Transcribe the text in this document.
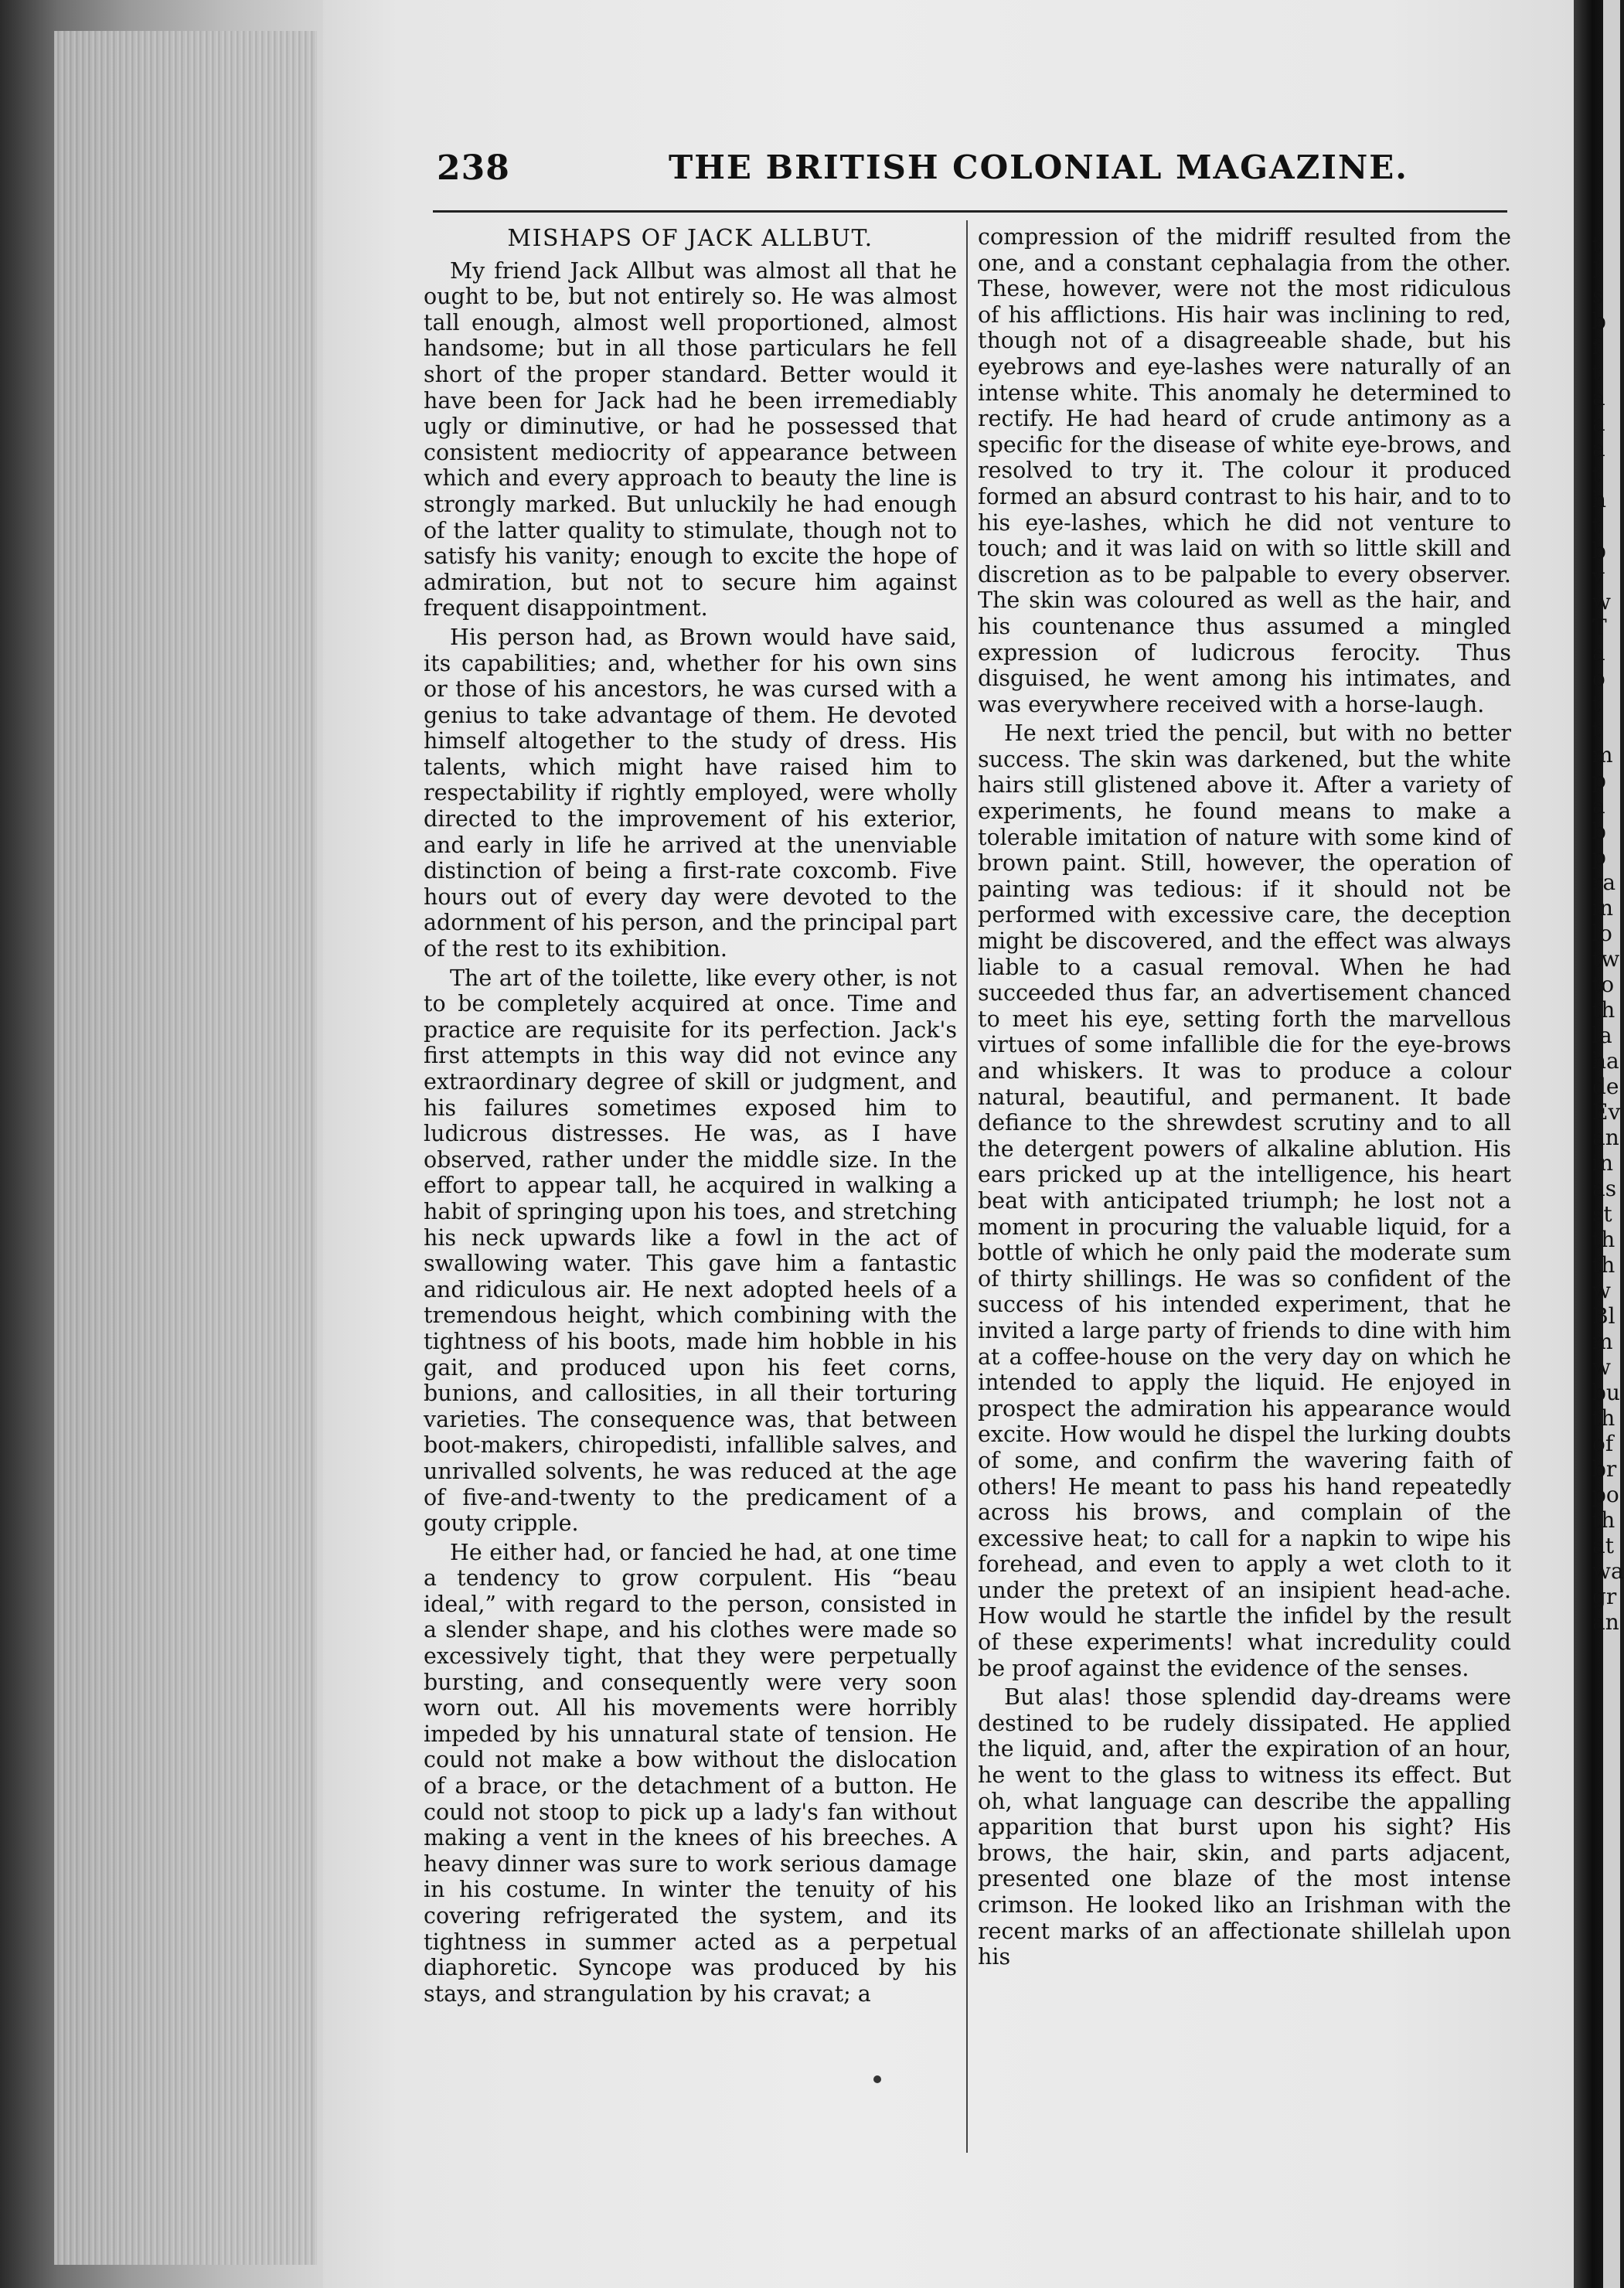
t
I
s
b
f
t
a
a
a
t
h
t
b
v
w
T
a
o
t
t
m
p
a
b
p
ra
in
lo
tw
to
th
la
ha
de
Ev
an
in
as
st
th
th
w
Bl
m
w
bu
th
of
br
po
th
at
wa
gr
an
238	THE BRITISH COLONIAL MAGAZINE.
MISHAPS OF JACK ALLBUT.

My friend Jack Allbut was almost all that he ought to be, but not entirely so. He was almost tall enough, almost well proportioned, almost handsome; but in all those particulars he fell short of the proper standard. Better would it have been for Jack had he been irremediably ugly or diminutive, or had he possessed that consistent mediocrity of appearance between which and every approach to beauty the line is strongly marked. But unluckily he had enough of the latter quality to stimulate, though not to satisfy his vanity; enough to excite the hope of admiration, but not to secure him against frequent disappointment.

His person had, as Brown would have said, its capabilities; and, whether for his own sins or those of his ancestors, he was cursed with a genius to take advantage of them. He devoted himself altogether to the study of dress. His talents, which might have raised him to respectability if rightly employed, were wholly directed to the improvement of his exterior, and early in life he arrived at the unenviable distinction of being a first-rate coxcomb. Five hours out of every day were devoted to the adornment of his person, and the principal part of the rest to its exhibition.

The art of the toilette, like every other, is not to be completely acquired at once. Time and practice are requisite for its perfection. Jack's first attempts in this way did not evince any extraordinary degree of skill or judgment, and his failures sometimes exposed him to ludicrous distresses. He was, as I have observed, rather under the middle size. In the effort to appear tall, he acquired in walking a habit of springing upon his toes, and stretching his neck upwards like a fowl in the act of swallowing water. This gave him a fantastic and ridiculous air. He next adopted heels of a tremendous height, which combining with the tightness of his boots, made him hobble in his gait, and produced upon his feet corns, bunions, and callosities, in all their torturing varieties. The consequence was, that between boot-makers, chiropedisti, infallible salves, and unrivalled solvents, he was reduced at the age of five-and-twenty to the predicament of a gouty cripple.

He either had, or fancied he had, at one time a tendency to grow corpulent. His “beau ideal,” with regard to the person, consisted in a slender shape, and his clothes were made so excessively tight, that they were perpetually bursting, and consequently were very soon worn out. All his movements were horribly impeded by his unnatural state of tension. He could not make a bow without the dislocation of a brace, or the detachment of a button. He could not stoop to pick up a lady's fan without making a vent in the knees of his breeches. A heavy dinner was sure to work serious damage in his costume. In winter the tenuity of his covering refrigerated the system, and its tightness in summer acted as a perpetual diaphoretic. Syncope was produced by his stays, and strangulation by his cravat; a

compression of the midriff resulted from the one, and a constant cephalagia from the other. These, however, were not the most ridiculous of his afflictions. His hair was inclining to red, though not of a disagreeable shade, but his eyebrows and eye-lashes were naturally of an intense white. This anomaly he determined to rectify. He had heard of crude antimony as a specific for the disease of white eye-brows, and resolved to try it. The colour it produced formed an absurd contrast to his hair, and to to his eye-lashes, which he did not venture to touch; and it was laid on with so little skill and discretion as to be palpable to every observer. The skin was coloured as well as the hair, and his countenance thus assumed a mingled expression of ludicrous ferocity. Thus disguised, he went among his intimates, and was everywhere received with a horse-laugh.

He next tried the pencil, but with no better success. The skin was darkened, but the white hairs still glistened above it. After a variety of experiments, he found means to make a tolerable imitation of nature with some kind of brown paint. Still, however, the operation of painting was tedious: if it should not be performed with excessive care, the deception might be discovered, and the effect was always liable to a casual removal. When he had succeeded thus far, an advertisement chanced to meet his eye, setting forth the marvellous virtues of some infallible die for the eye-brows and whiskers. It was to produce a colour natural, beautiful, and permanent. It bade defiance to the shrewdest scrutiny and to all the detergent powers of alkaline ablution. His ears pricked up at the intelligence, his heart beat with anticipated triumph; he lost not a moment in procuring the valuable liquid, for a bottle of which he only paid the moderate sum of thirty shillings. He was so confident of the success of his intended experiment, that he invited a large party of friends to dine with him at a coffee-house on the very day on which he intended to apply the liquid. He enjoyed in prospect the admiration his appearance would excite. How would he dispel the lurking doubts of some, and confirm the wavering faith of others! He meant to pass his hand repeatedly across his brows, and complain of the excessive heat; to call for a napkin to wipe his forehead, and even to apply a wet cloth to it under the pretext of an insipient head-ache. How would he startle the infidel by the result of these experiments! what incredulity could be proof against the evidence of the senses.

But alas! those splendid day-dreams were destined to be rudely dissipated. He applied the liquid, and, after the expiration of an hour, he went to the glass to witness its effect. But oh, what language can describe the appalling apparition that burst upon his sight? His brows, the hair, skin, and parts adjacent, presented one blaze of the most intense crimson. He looked liko an Irishman with the recent marks of an affectionate shillelah upon his
